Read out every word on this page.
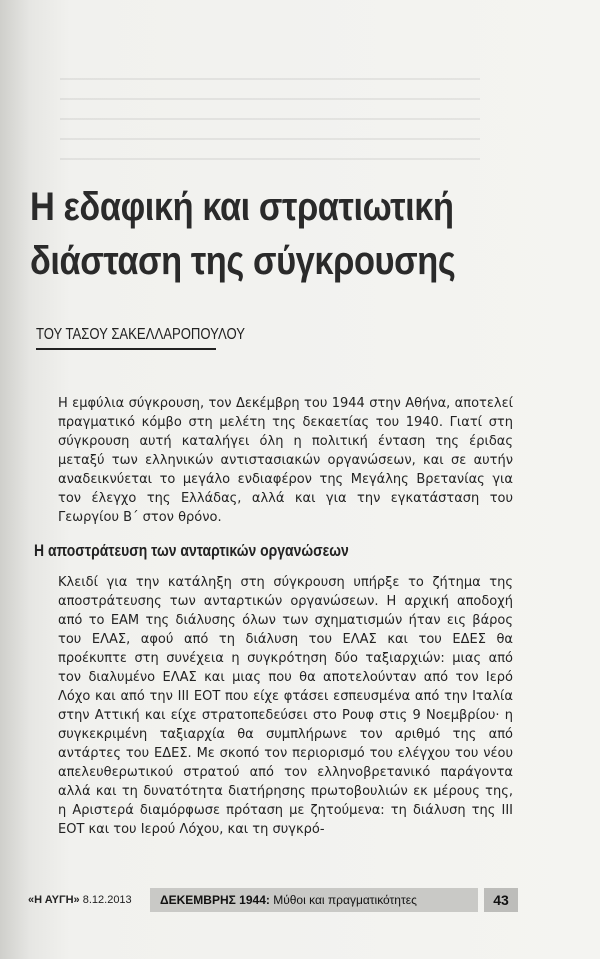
Η εδαφική και στρατιωτική
διάσταση της σύγκρουσης
ΤΟΥ ΤΑΣΟΥ ΣΑΚΕΛΛΑΡΟΠΟΥΛΟΥ

Η εμφύλια σύγκρουση, τον Δεκέμβρη του 1944 στην Αθήνα, αποτελεί πραγματικό κόμβο στη μελέτη της δεκαετίας του 1940. Γιατί στη σύγκρουση αυτή καταλήγει όλη η πολιτική ένταση της έριδας μεταξύ των ελληνικών αντιστασιακών οργανώσεων, και σε αυτήν αναδεικνύεται το μεγάλο ενδιαφέρον της Μεγάλης Βρετανίας για τον έλεγχο της Ελλάδας, αλλά και για την εγκατάσταση του Γεωργίου Β΄ στον θρόνο.

Η αποστράτευση των ανταρτικών οργανώσεων

Κλειδί για την κατάληξη στη σύγκρουση υπήρξε το ζήτημα της αποστράτευσης των ανταρτικών οργανώσεων. Η αρχική αποδοχή από το ΕΑΜ της διάλυσης όλων των σχηματισμών ήταν εις βάρος του ΕΛΑΣ, αφού από τη διάλυση του ΕΛΑΣ και του ΕΔΕΣ θα προέκυπτε στη συνέχεια η συγκρότηση δύο ταξιαρχιών: μιας από τον διαλυμένο ΕΛΑΣ και μιας που θα αποτελούνταν από τον Ιερό Λόχο και από την ΙΙΙ ΕΟΤ που είχε φτάσει εσπευσμένα από την Ιταλία στην Αττική και είχε στρατοπεδεύσει στο Ρουφ στις 9 Νοεμβρίου· η συγκεκριμένη ταξιαρχία θα συμπλήρωνε τον αριθμό της από αντάρτες του ΕΔΕΣ. Με σκοπό τον περιορισμό του ελέγχου του νέου απελευθερωτικού στρατού από τον ελληνοβρετανικό παράγοντα αλλά και τη δυνατότητα διατήρησης πρωτοβουλιών εκ μέρους της, η Αριστερά διαμόρφωσε πρόταση με ζητούμενα: τη διάλυση της ΙΙΙ ΕΟΤ και του Ιερού Λόχου, και τη συγκρό-

«Η ΑΥΓΗ» 8.12.2013 ΔΕΚΕΜΒΡΗΣ 1944: Μύθοι και πραγματικότητες	43
